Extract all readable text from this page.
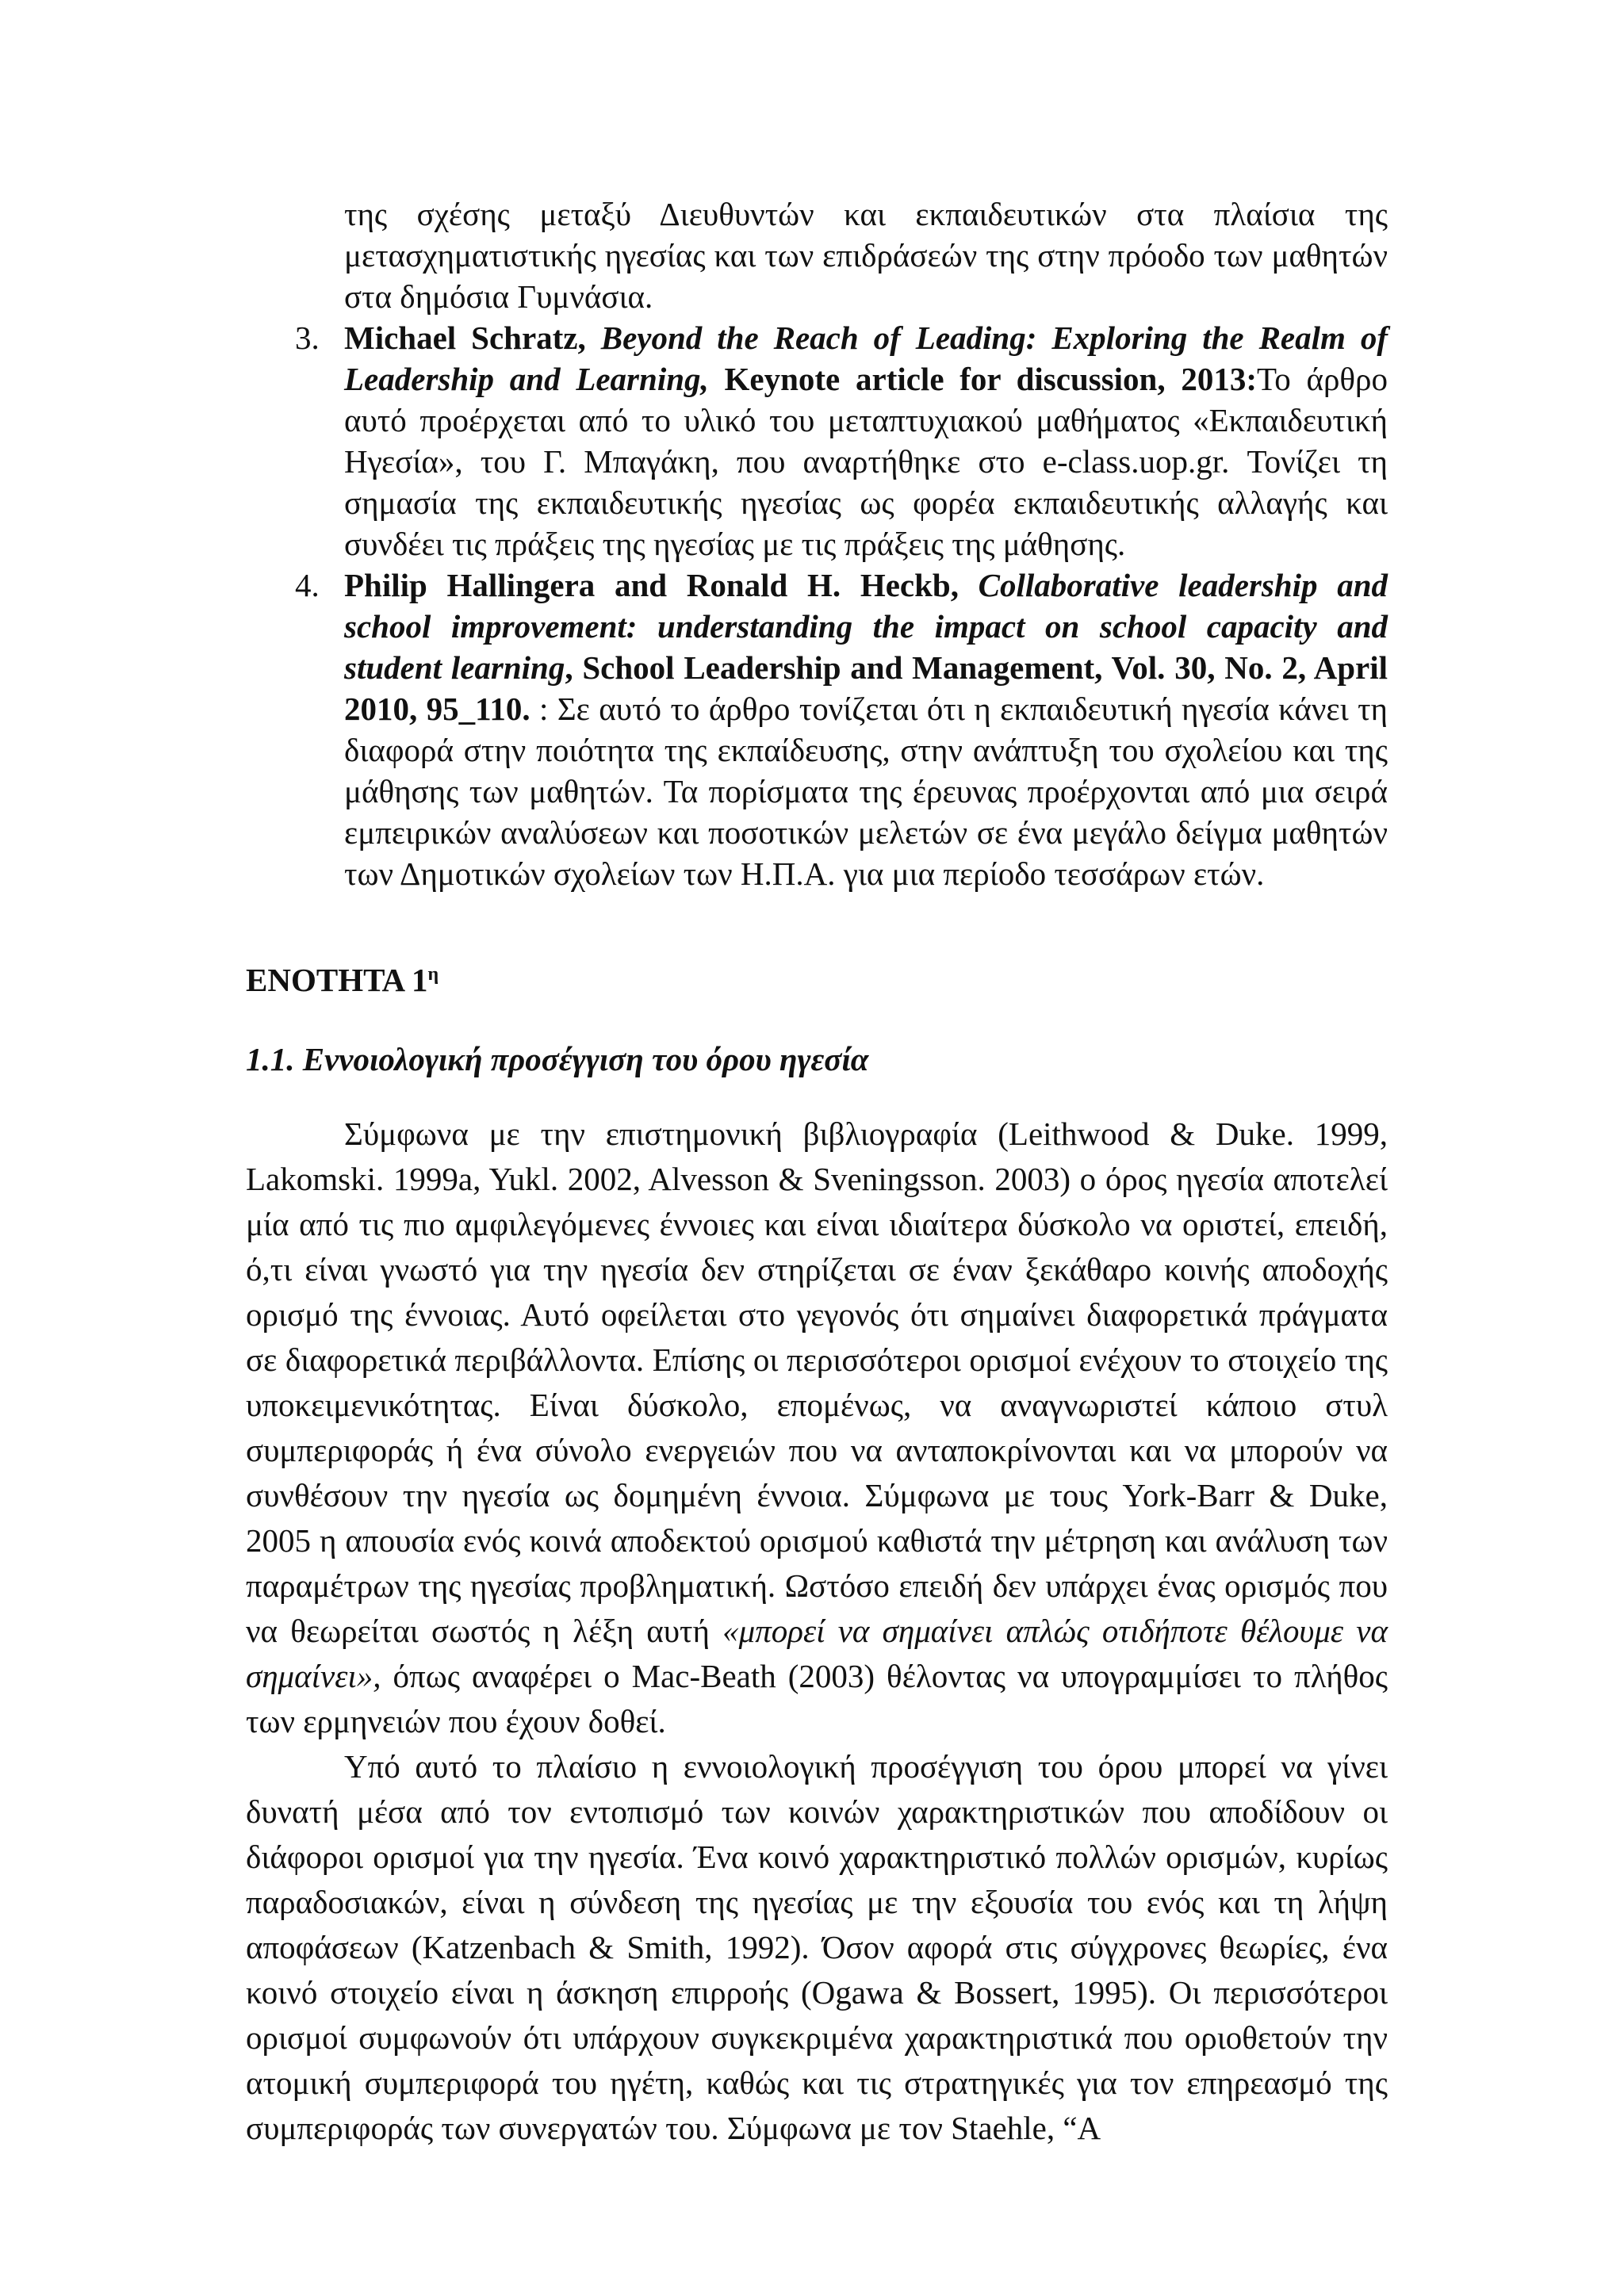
της σχέσης μεταξύ Διευθυντών και εκπαιδευτικών στα πλαίσια της μετασχηματιστικής ηγεσίας και των επιδράσεών της στην πρόοδο των μαθητών στα δημόσια Γυμνάσια.

3. Michael Schratz, Beyond the Reach of Leading: Exploring the Realm of Leadership and Learning, Keynote article for discussion, 2013:Το άρθρο αυτό προέρχεται από το υλικό του μεταπτυχιακού μαθήματος «Εκπαιδευτική Ηγεσία», του Γ. Μπαγάκη, που αναρτήθηκε στο e-class.uop.gr. Τονίζει τη σημασία της εκπαιδευτικής ηγεσίας ως φορέα εκπαιδευτικής αλλαγής και συνδέει τις πράξεις της ηγεσίας με τις πράξεις της μάθησης.

4. Philip Hallingera and Ronald H. Heckb, Collaborative leadership and school improvement: understanding the impact on school capacity and student learning, School Leadership and Management, Vol. 30, No. 2, April 2010, 95_110. : Σε αυτό το άρθρο τονίζεται ότι η εκπαιδευτική ηγεσία κάνει τη διαφορά στην ποιότητα της εκπαίδευσης, στην ανάπτυξη του σχολείου και της μάθησης των μαθητών. Τα πορίσματα της έρευνας προέρχονται από μια σειρά εμπειρικών αναλύσεων και ποσοτικών μελετών σε ένα μεγάλο δείγμα μαθητών των Δημοτικών σχολείων των Η.Π.Α. για μια περίοδο τεσσάρων ετών.

ΕΝΟΤΗΤΑ $1^\eta$
1.1. Εννοιολογική προσέγγιση του όρου ηγεσία

Σύμφωνα με την επιστημονική βιβλιογραφία (Leithwood & Duke. 1999, Lakomski. 1999a, Yukl. 2002, Alvesson & Sveningsson. 2003) ο όρος ηγεσία αποτελεί μία από τις πιο αμφιλεγόμενες έννοιες και είναι ιδιαίτερα δύσκολο να οριστεί, επειδή, ό,τι είναι γνωστό για την ηγεσία δεν στηρίζεται σε έναν ξεκάθαρο κοινής αποδοχής ορισμό της έννοιας. Αυτό οφείλεται στο γεγονός ότι σημαίνει διαφορετικά πράγματα σε διαφορετικά περιβάλλοντα. Επίσης οι περισσότεροι ορισμοί ενέχουν το στοιχείο της υποκειμενικότητας. Είναι δύσκολο, επομένως, να αναγνωριστεί κάποιο στυλ συμπεριφοράς ή ένα σύνολο ενεργειών που να ανταποκρίνονται και να μπορούν να συνθέσουν την ηγεσία ως δομημένη έννοια. Σύμφωνα με τους York-Barr & Duke, 2005 η απουσία ενός κοινά αποδεκτού ορισμού καθιστά την μέτρηση και ανάλυση των παραμέτρων της ηγεσίας προβληματική. Ωστόσο επειδή δεν υπάρχει ένας ορισμός που να θεωρείται σωστός η λέξη αυτή «μπορεί να σημαίνει απλώς οτιδήποτε θέλουμε να σημαίνει», όπως αναφέρει ο Mac-Beath (2003) θέλοντας να υπογραμμίσει το πλήθος των ερμηνειών που έχουν δοθεί.

Υπό αυτό το πλαίσιο η εννοιολογική προσέγγιση του όρου μπορεί να γίνει δυνατή μέσα από τον εντοπισμό των κοινών χαρακτηριστικών που αποδίδουν οι διάφοροι ορισμοί για την ηγεσία. Ένα κοινό χαρακτηριστικό πολλών ορισμών, κυρίως παραδοσιακών, είναι η σύνδεση της ηγεσίας με την εξουσία του ενός και τη λήψη αποφάσεων (Katzenbach & Smith, 1992). Όσον αφορά στις σύγχρονες θεωρίες, ένα κοινό στοιχείο είναι η άσκηση επιρροής (Ogawa & Bossert, 1995). Οι περισσότεροι ορισμοί συμφωνούν ότι υπάρχουν συγκεκριμένα χαρακτηριστικά που οριοθετούν την ατομική συμπεριφορά του ηγέτη, καθώς και τις στρατηγικές για τον επηρεασμό της συμπεριφοράς των συνεργατών του. Σύμφωνα με τον Staehle, “A
